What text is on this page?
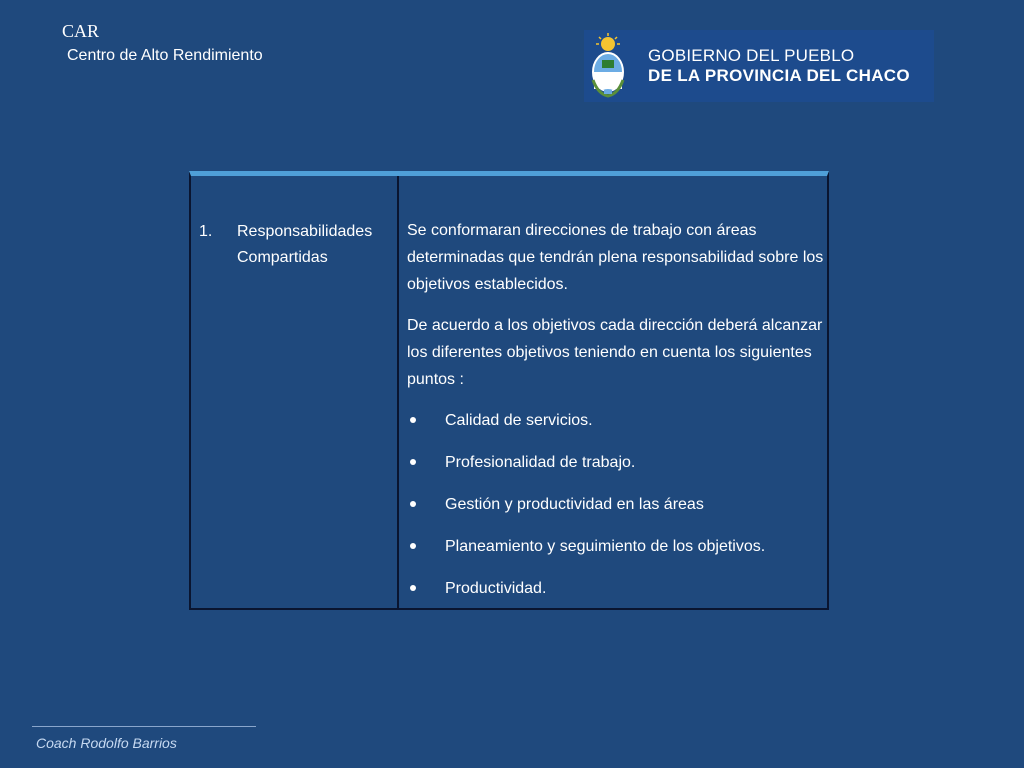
CAR
Centro de Alto Rendimiento	GOBIERNO DEL PUEBLO
DE LA PROVINCIA DEL CHACO
1.	Responsabilidades Compartidas

Se conformaran direcciones de trabajo con áreas determinadas que tendrán plena responsabilidad sobre los objetivos establecidos.

De acuerdo a los objetivos cada dirección deberá alcanzar los diferentes objetivos teniendo en cuenta los siguientes puntos :

Calidad de servicios.
Profesionalidad de trabajo.
Gestión y productividad en las áreas
Planeamiento y seguimiento de los objetivos.
Productividad.
Coach Rodolfo Barrios
